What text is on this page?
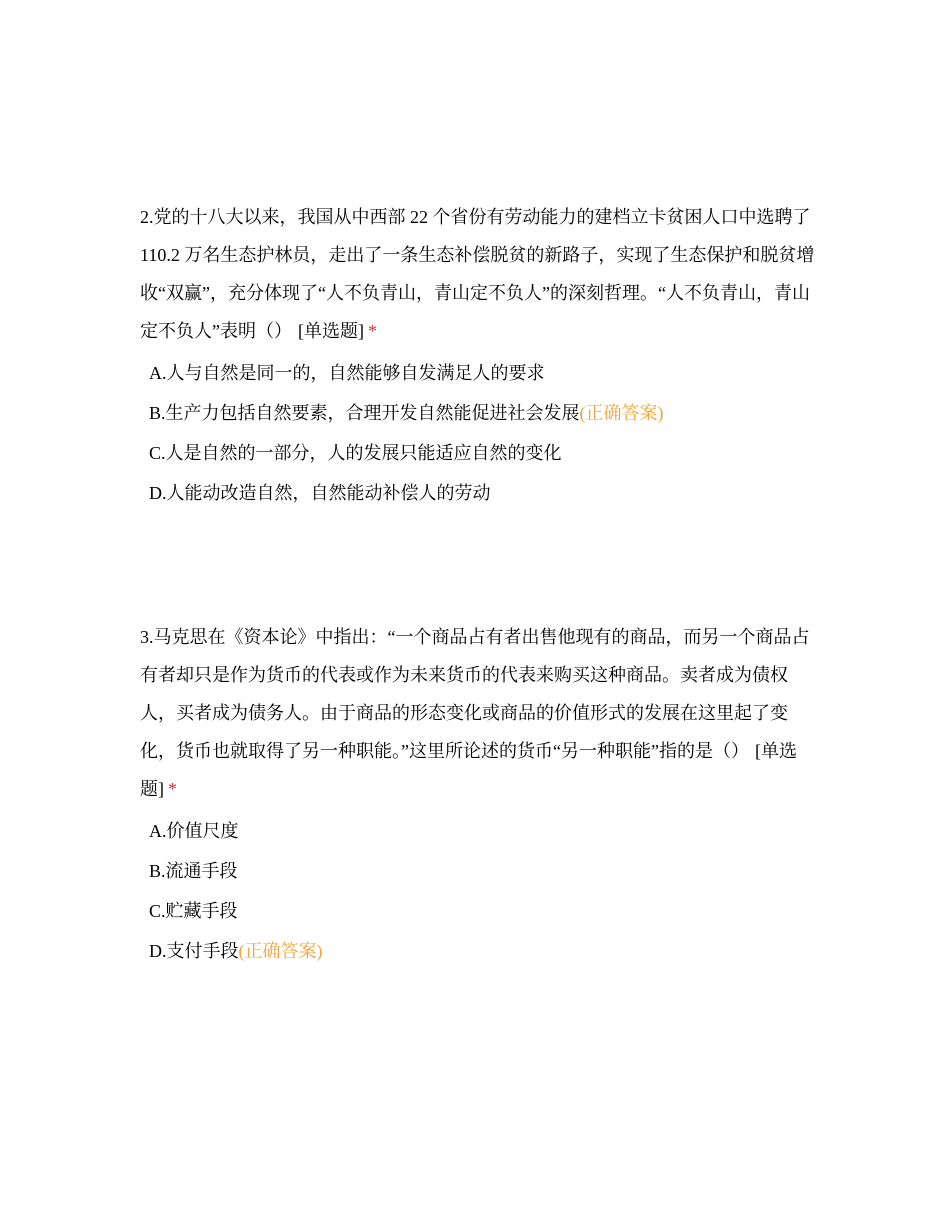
2.党的十八大以来，我国从中西部 22 个省份有劳动能力的建档立卡贫困人口中选聘了 110.2 万名生态护林员，走出了一条生态补偿脱贫的新路子，实现了生态保护和脱贫增收“双赢”，充分体现了“人不负青山，青山定不负人”的深刻哲理。“人不负青山，青山定不负人”表明（） [单选题] *

A.人与自然是同一的，自然能够自发满足人的要求
B.生产力包括自然要素，合理开发自然能促进社会发展(正确答案)
C.人是自然的一部分，人的发展只能适应自然的变化
D.人能动改造自然，自然能动补偿人的劳动

3.马克思在《资本论》中指出：“一个商品占有者出售他现有的商品，而另一个商品占有者却只是作为货币的代表或作为未来货币的代表来购买这种商品。卖者成为债权人，买者成为债务人。由于商品的形态变化或商品的价值形式的发展在这里起了变化，货币也就取得了另一种职能。”这里所论述的货币“另一种职能”指的是（） [单选题] *

A.价值尺度
B.流通手段
C.贮藏手段
D.支付手段(正确答案)
